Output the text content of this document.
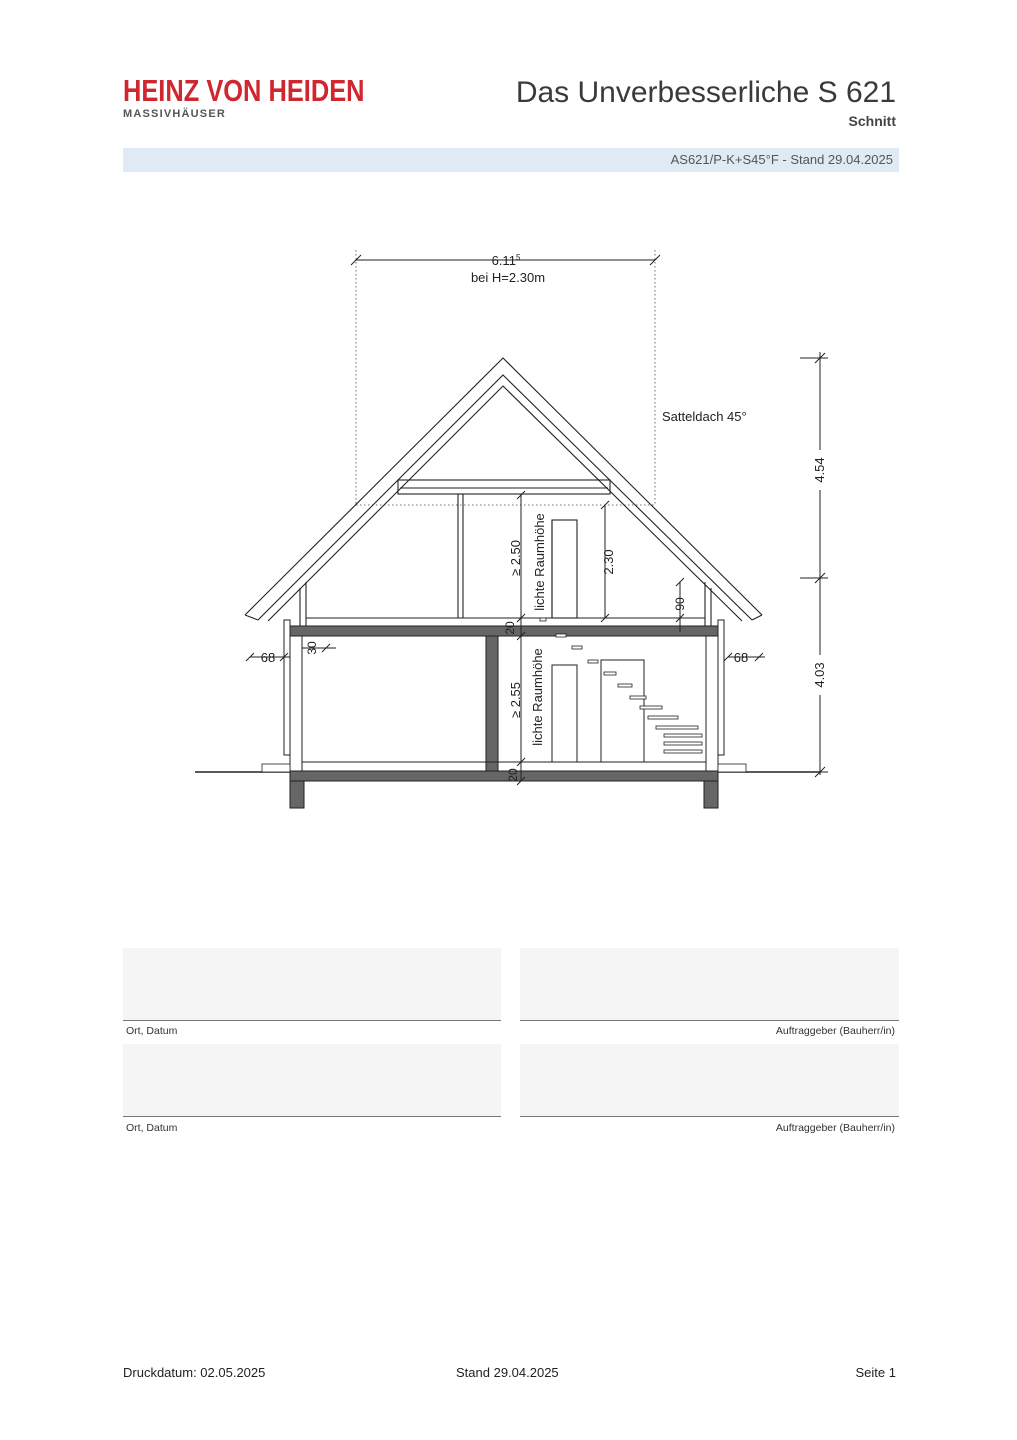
HEINZ VON HEIDEN
MASSIVHÄUSER
Das Unverbesserliche S 621
Schnitt
AS621/P-K+S45°F - Stand 29.04.2025
6.11$^5$
bei H=2.30m
Satteldach 45°
4.54
4.03
≥ 2.50 lichte Raumhöhe	2.30
90
20
≥ 2.55 lichte Raumhöhe
20
68	68
30
Ort, Datum	Auftraggeber (Bauherr/in)
Ort, Datum	Auftraggeber (Bauherr/in)
Druckdatum: 02.05.2025	Stand 29.04.2025	Seite 1
